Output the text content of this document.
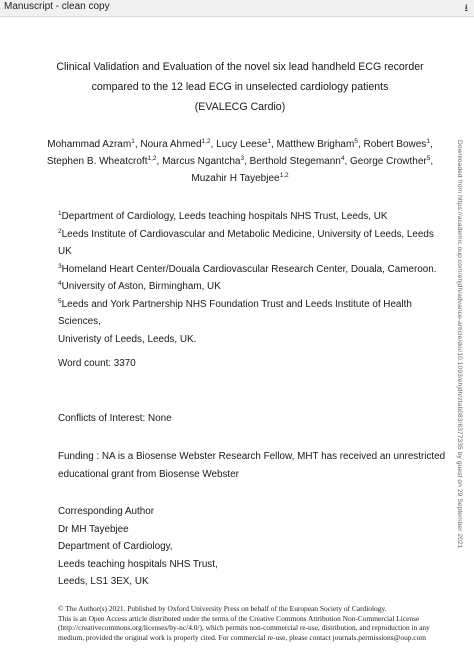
Manuscript - clean copy	⭳
Clinical Validation and Evaluation of the novel six lead handheld ECG recorder
compared to the 12 lead ECG in unselected cardiology patients
(EVALECG Cardio)
Mohammad Azram$^1$, Noura Ahmed$^{1,2}$, Lucy Leese$^1$, Matthew Brigham$^5$, Robert Bowes$^1$,
Stephen B. Wheatcroft$^{1,2}$, Marcus Ngantcha$^3$, Berthold Stegemann$^4$, George Crowther$^5$,
Muzahir H Tayebjee$^{1,2}$
$^1$Department of Cardiology, Leeds teaching hospitals NHS Trust, Leeds, UK
$^2$Leeds Institute of Cardiovascular and Metabolic Medicine, University of Leeds, Leeds UK
$^3$Homeland Heart Center/Douala Cardiovascular Research Center, Douala, Cameroon.
$^4$University of Aston, Birmingham, UK
$^5$Leeds and York Partnership NHS Foundation Trust and Leeds Institute of Health Sciences,
Univeristy of Leeds, Leeds, UK.
Word count: 3370
Conflicts of Interest: None
Funding : NA is a Biosense Webster Research Fellow, MHT has received an unrestricted
educational grant from Biosense Webster
Corresponding Author
Dr MH Tayebjee
Department of Cardiology,
Leeds teaching hospitals NHS Trust,
Leeds, LS1 3EX, UK
© The Author(s) 2021. Published by Oxford University Press on behalf of the European Society of Cardiology.
This is an Open Access article distributed under the terms of the Creative Commons Attribution Non-Commercial License
(http://creativecommons.org/licenses/by-nc/4.0/), which permits non-commercial re-use, distribution, and reproduction in any
medium, provided the original work is properly cited. For commercial re-use, please contact journals.permissions@oup.com
Downloaded from https://academic.oup.com/ehjdh/advance-article/doi/10.1093/ehjdh/ztab083/6377335 by guest on 29 September 2021
